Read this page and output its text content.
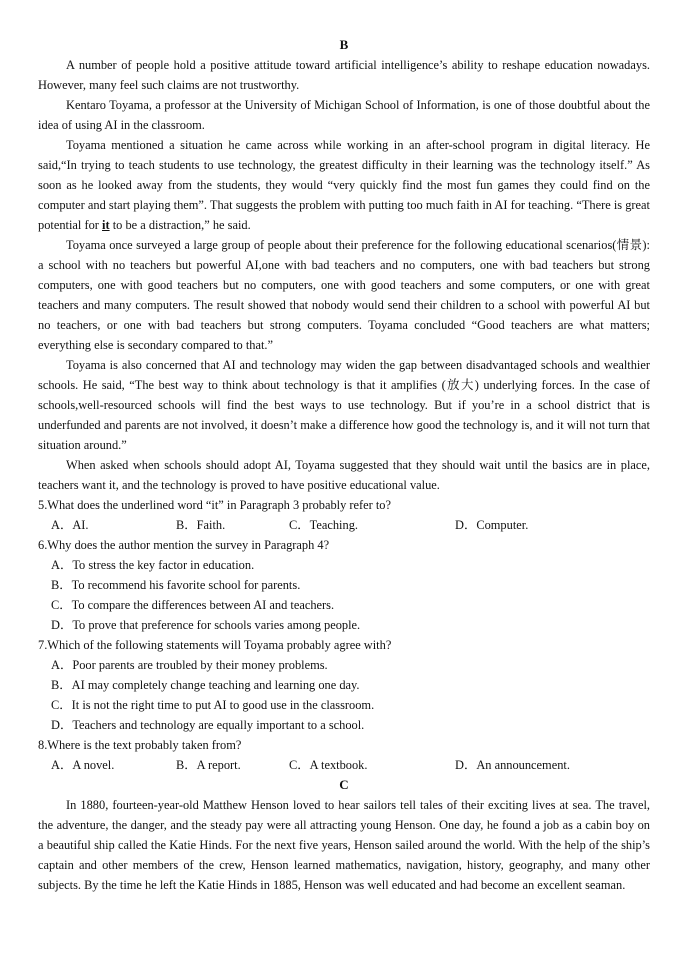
B

A number of people hold a positive attitude toward artificial intelligence’s ability to reshape education nowadays. However, many feel such claims are not trustworthy.

Kentaro Toyama, a professor at the University of Michigan School of Information, is one of those doubtful about the idea of using AI in the classroom.

Toyama mentioned a situation he came across while working in an after-school program in digital literacy. He said,“In trying to teach students to use technology, the greatest difficulty in their learning was the technology itself.” As soon as he looked away from the students, they would “very quickly find the most fun games they could find on the computer and start playing them”. That suggests the problem with putting too much faith in AI for teaching. “There is great potential for it to be a distraction,” he said.

Toyama once surveyed a large group of people about their preference for the following educational scenarios(情景): a school with no teachers but powerful AI,one with bad teachers and no computers, one with bad teachers but strong computers, one with good teachers but no computers, one with good teachers and some computers, or one with great teachers and many computers. The result showed that nobody would send their children to a school with powerful AI but no teachers, or one with bad teachers but strong computers. Toyama concluded “Good teachers are what matters; everything else is secondary compared to that.”

Toyama is also concerned that AI and technology may widen the gap between disadvantaged schools and wealthier schools. He said, “The best way to think about technology is that it amplifies (放大) underlying forces. In the case of schools,well-resourced schools will find the best ways to use technology. But if you’re in a school district that is underfunded and parents are not involved, it doesn’t make a difference how good the technology is, and it will not turn that situation around.”

When asked when schools should adopt AI, Toyama suggested that they should wait until the basics are in place, teachers want it, and the technology is proved to have positive educational value.

5.What does the underlined word “it” in Paragraph 3 probably refer to?

A．AI.	B．Faith.	C．Teaching.	D．Computer.

6.Why does the author mention the survey in Paragraph 4?

A．To stress the key factor in education.

B．To recommend his favorite school for parents.

C．To compare the differences between AI and teachers.

D．To prove that preference for schools varies among people.

7.Which of the following statements will Toyama probably agree with?

A．Poor parents are troubled by their money problems.

B．AI may completely change teaching and learning one day.

C．It is not the right time to put AI to good use in the classroom.

D．Teachers and technology are equally important to a school.

8.Where is the text probably taken from?

A．A novel.	B．A report.	C．A textbook.	D．An announcement.
C

In 1880, fourteen-year-old Matthew Henson loved to hear sailors tell tales of their exciting lives at sea. The travel, the adventure, the danger, and the steady pay were all attracting young Henson. One day, he found a job as a cabin boy on a beautiful ship called the Katie Hinds. For the next five years, Henson sailed around the world. With the help of the ship’s captain and other members of the crew, Henson learned mathematics, navigation, history, geography, and many other subjects. By the time he left the Katie Hinds in 1885, Henson was well educated and had become an excellent seaman.
